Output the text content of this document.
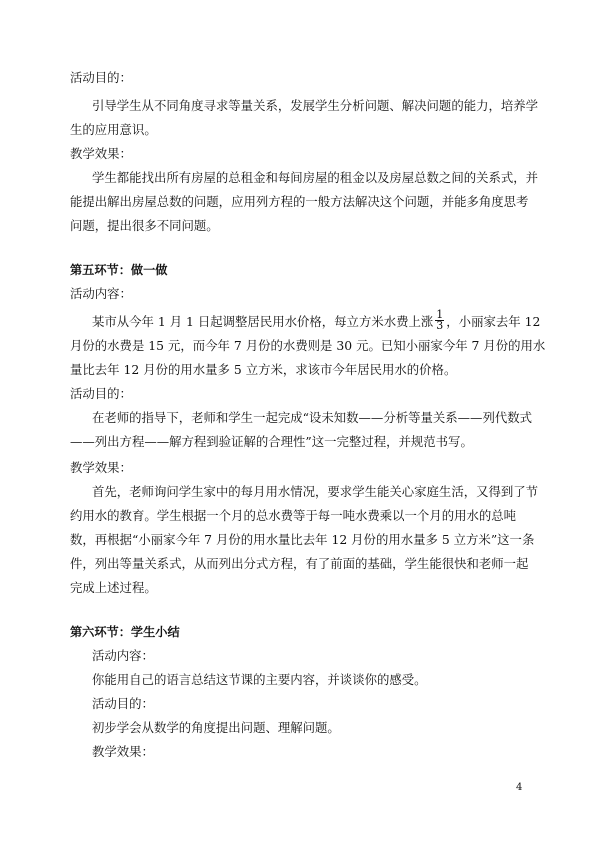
活动目的：
引导学生从不同角度寻求等量关系，发展学生分析问题、解决问题的能力，培养学
生的应用意识。
教学效果：
学生都能找出所有房屋的总租金和每间房屋的租金以及房屋总数之间的关系式，并
能提出解出房屋总数的问题，应用列方程的一般方法解决这个问题，并能多角度思考
问题，提出很多不同问题。
第五环节：做一做
活动内容：
某市从今年 1 月 1 日起调整居民用水价格，每立方米水费上涨 $\frac{1}{3}$ ，小丽家去年 12
月份的水费是 15 元，而今年 7 月份的水费则是 30 元。已知小丽家今年 7 月份的用水
量比去年 12 月份的用水量多 5 立方米，求该市今年居民用水的价格。
活动目的：
在老师的指导下，老师和学生一起完成“设未知数——分析等量关系——列代数式
——列出方程——解方程到验证解的合理性”这一完整过程，并规范书写。
教学效果：
首先，老师询问学生家中的每月用水情况，要求学生能关心家庭生活，又得到了节
约用水的教育。学生根据一个月的总水费等于每一吨水费乘以一个月的用水的总吨
数，再根据“小丽家今年 7 月份的用水量比去年 12 月份的用水量多 5 立方米”这一条
件，列出等量关系式，从而列出分式方程，有了前面的基础，学生能很快和老师一起
完成上述过程。
第六环节：学生小结
活动内容：
你能用自己的语言总结这节课的主要内容，并谈谈你的感受。
活动目的：
初步学会从数学的角度提出问题、理解问题。
教学效果：
4
